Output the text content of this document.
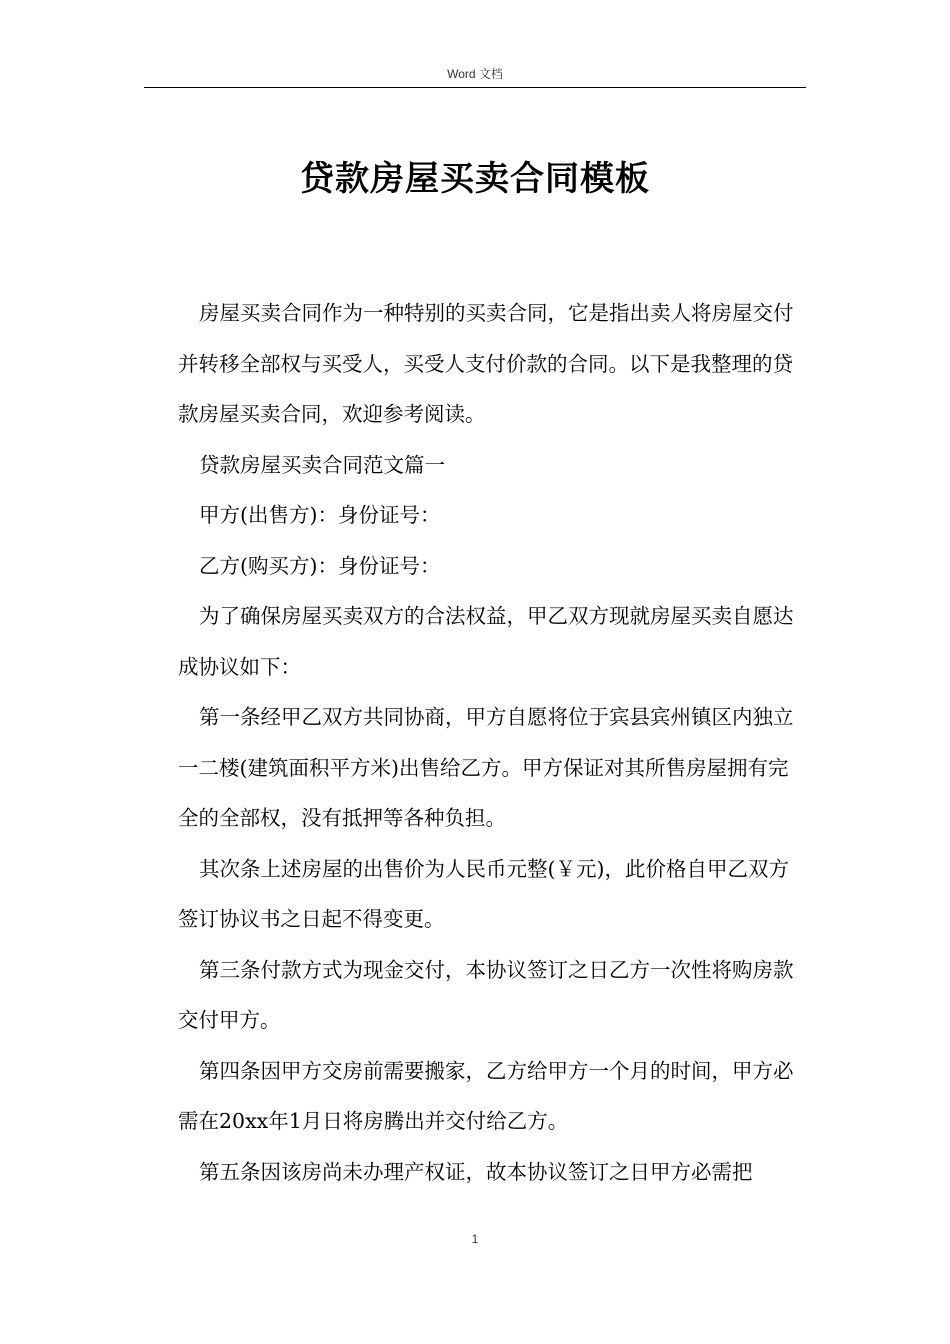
Word 文档
贷款房屋买卖合同模板

房屋买卖合同作为一种特别的买卖合同，它是指出卖人将房屋交付并转移全部权与买受人，买受人支付价款的合同。以下是我整理的贷款房屋买卖合同，欢迎参考阅读。

贷款房屋买卖合同范文篇一

甲方(出售方)：身份证号：

乙方(购买方)：身份证号：

为了确保房屋买卖双方的合法权益，甲乙双方现就房屋买卖自愿达成协议如下：

第一条经甲乙双方共同协商，甲方自愿将位于宾县宾州镇区内独立一二楼(建筑面积平方米)出售给乙方。甲方保证对其所售房屋拥有完全的全部权，没有抵押等各种负担。

其次条上述房屋的出售价为人民币元整(￥元)，此价格自甲乙双方签订协议书之日起不得变更。

第三条付款方式为现金交付，本协议签订之日乙方一次性将购房款交付甲方。

第四条因甲方交房前需要搬家，乙方给甲方一个月的时间，甲方必需在20xx年1月日将房腾出并交付给乙方。

第五条因该房尚未办理产权证，故本协议签订之日甲方必需把

1
